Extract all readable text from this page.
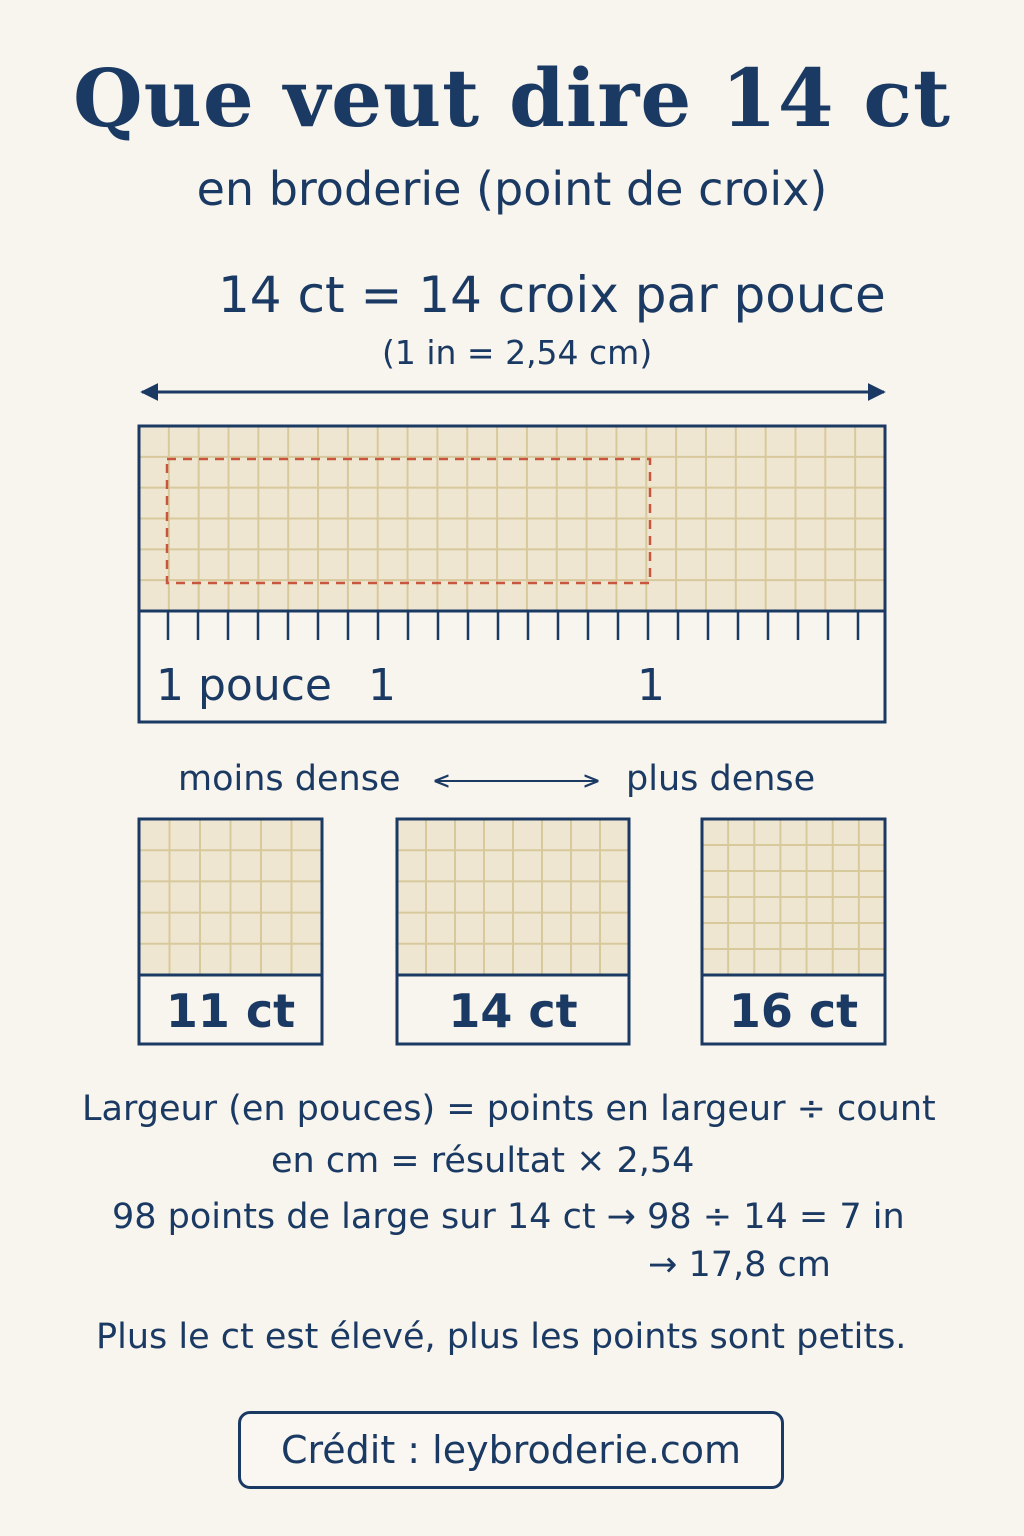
Que veut dire 14 ct
en broderie (point de croix)
14 ct = 14 croix par pouce
(1 in = 2,54 cm)
1 pouce 1	1
moins dense	plus dense
11 ct	14 ct	16 ct
Largeur (en pouces) = points en largeur ÷ count
en cm = résultat × 2,54
98 points de large sur 14 ct → 98 ÷ 14 = 7 in
→ 17,8 cm
Plus le ct est élevé, plus les points sont petits.
Crédit : leybroderie.com
